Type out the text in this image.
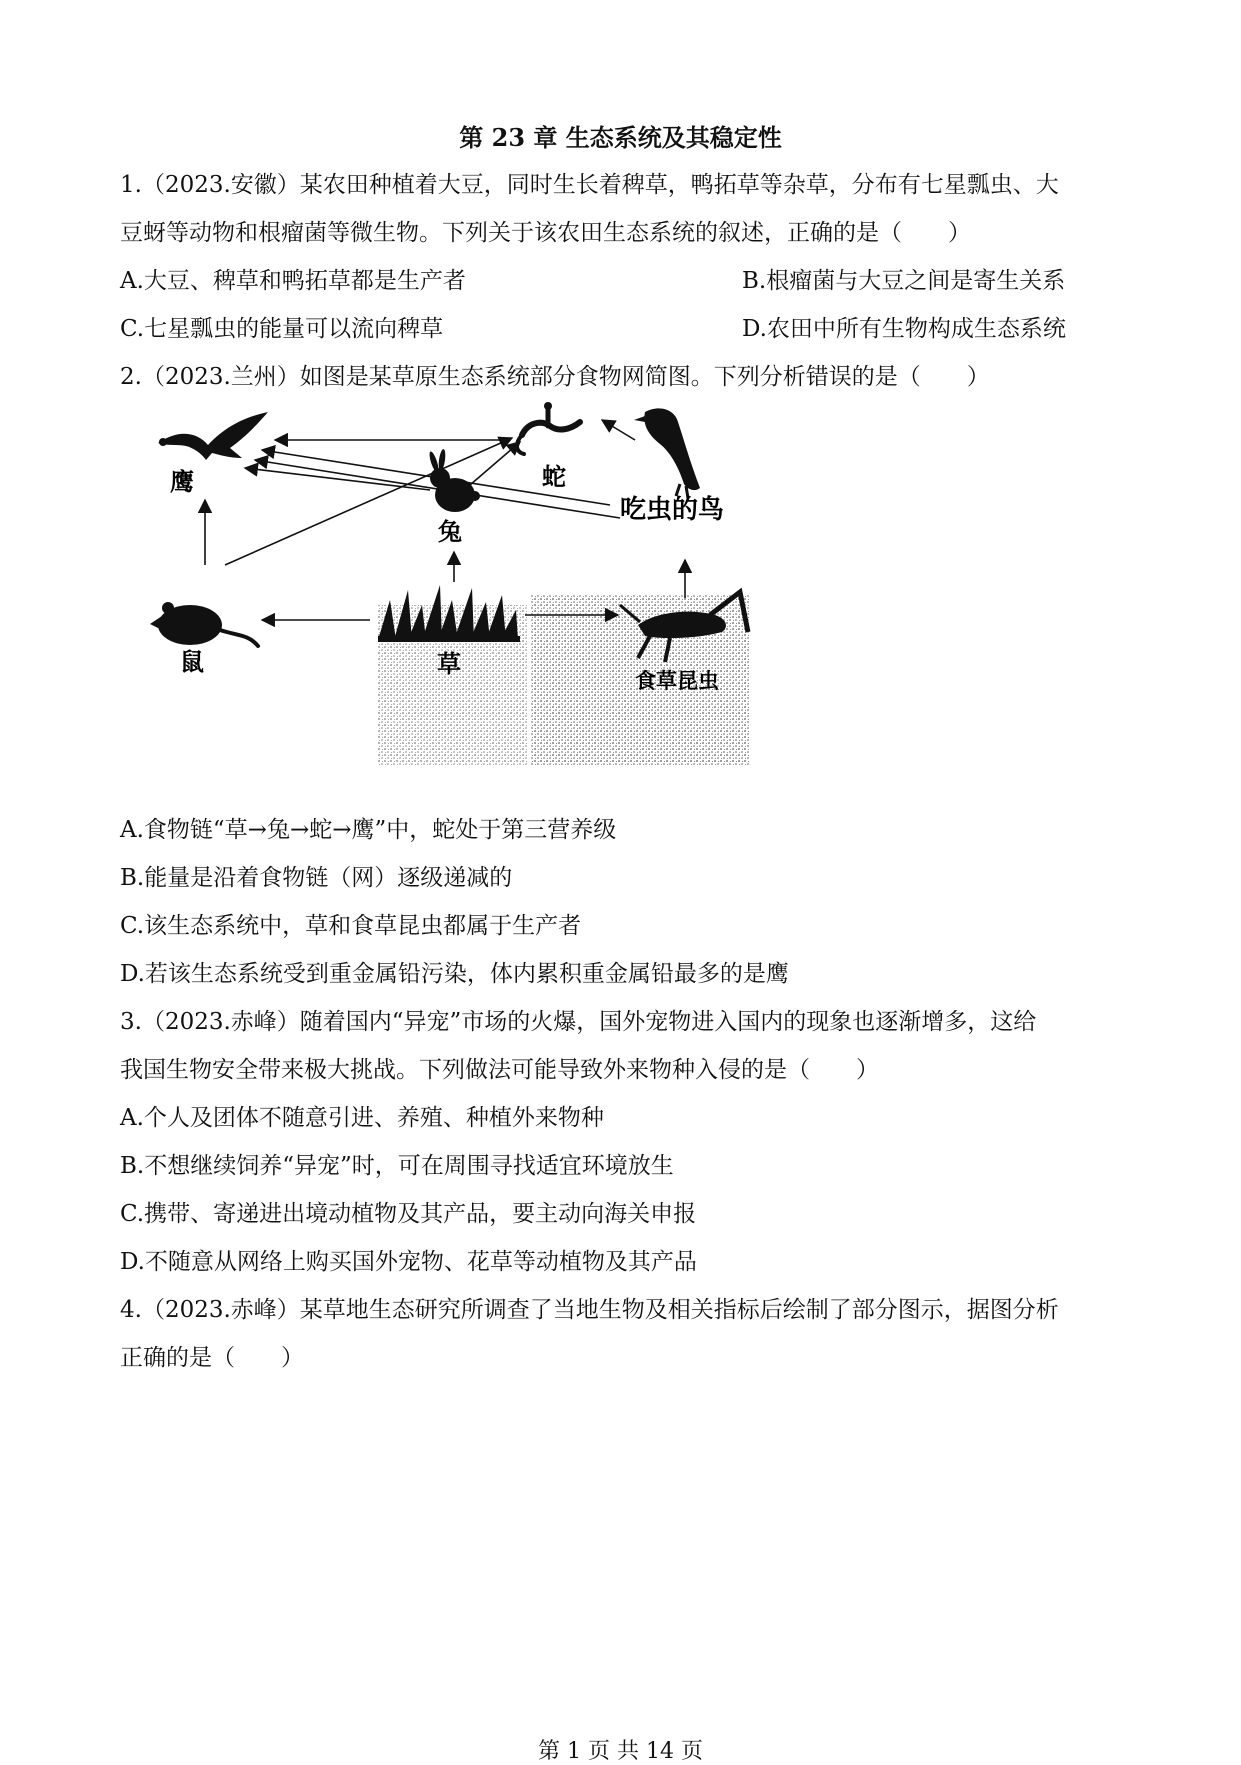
第 23 章 生态系统及其稳定性
1.（2023.安徽）某农田种植着大豆，同时生长着稗草，鸭拓草等杂草，分布有七星瓢虫、大
豆蚜等动物和根瘤菌等微生物。下列关于该农田生态系统的叙述，正确的是（　　）
A.大豆、稗草和鸭拓草都是生产者	B.根瘤菌与大豆之间是寄生关系
C.七星瓢虫的能量可以流向稗草	D.农田中所有生物构成生态系统
2.（2023.兰州）如图是某草原生态系统部分食物网简图。下列分析错误的是（　　）
鹰	蛇
吃虫的鸟
兔
鼠	草
食草昆虫
A.食物链“草→兔→蛇→鹰”中，蛇处于第三营养级
B.能量是沿着食物链（网）逐级递减的
C.该生态系统中，草和食草昆虫都属于生产者
D.若该生态系统受到重金属铅污染，体内累积重金属铅最多的是鹰
3.（2023.赤峰）随着国内“异宠”市场的火爆，国外宠物进入国内的现象也逐渐增多，这给
我国生物安全带来极大挑战。下列做法可能导致外来物种入侵的是（　　）
A.个人及团体不随意引进、养殖、种植外来物种
B.不想继续饲养“异宠”时，可在周围寻找适宜环境放生
C.携带、寄递进出境动植物及其产品，要主动向海关申报
D.不随意从网络上购买国外宠物、花草等动植物及其产品
4.（2023.赤峰）某草地生态研究所调查了当地生物及相关指标后绘制了部分图示，据图分析
正确的是（　　）
第 1 页 共 14 页
